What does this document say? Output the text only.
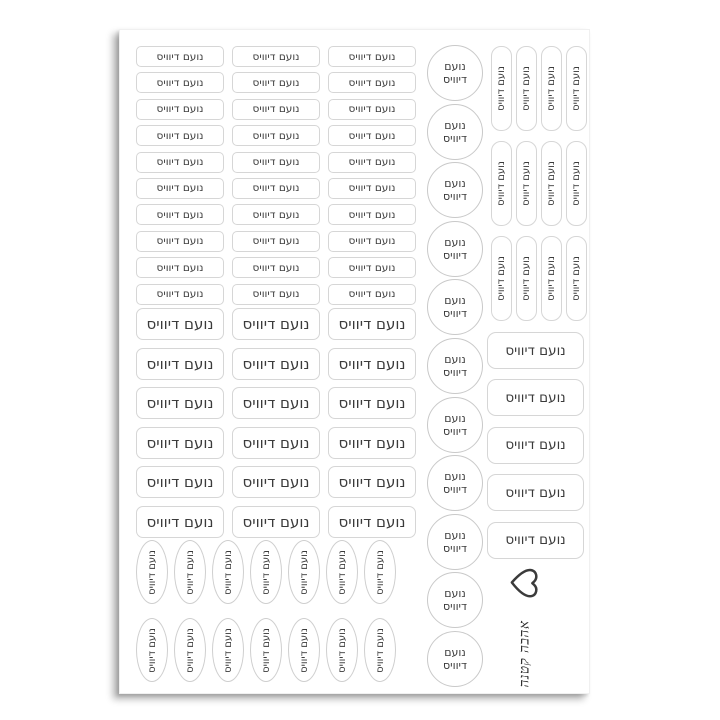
נועם דיוויס	נועם דיוויס	נועם דיוויס
נועם דיוויס	נועם דיוויס	נועם דיוויס
נועם דיוויס	נועם דיוויס	נועם דיוויס
נועם דיוויס	נועם דיוויס	נועם דיוויס
נועם דיוויס	נועם דיוויס	נועם דיוויס
נועם דיוויס	נועם דיוויס	נועם דיוויס
נועם דיוויס	נועם דיוויס	נועם דיוויס
נועם דיוויס	נועם דיוויס	נועם דיוויס
נועם דיוויס	נועם דיוויס	נועם דיוויס
נועם דיוויס	נועם דיוויס	נועם דיוויס
נועם דיוויס נועם דיוויס נועם דיוויס
נועם דיוויס נועם דיוויס נועם דיוויס
נועם דיוויס נועם דיוויס נועם דיוויס
נועם דיוויס נועם דיוויס נועם דיוויס
נועם דיוויס נועם דיוויס נועם דיוויס
נועם דיוויס נועם דיוויס נועם דיוויס
נועם דיוויס	נועם דיוויס	נועם דיוויס	נועם דיוויס	נועם דיוויס	נועם דיוויס	נועם דיוויס
נועם דיוויס	נועם דיוויס	נועם דיוויס	נועם דיוויס	נועם דיוויס	נועם דיוויס	נועם דיוויס
נועם
דיוויס
נועם
דיוויס
נועם
דיוויס
נועם
דיוויס
נועם
דיוויס
נועם
דיוויס
נועם
דיוויס
נועם
דיוויס
נועם
דיוויס
נועם
דיוויס
נועם
דיוויס
נועם דיוויס נועם דיוויס נועם דיוויס נועם דיוויס
נועם דיוויס נועם דיוויס נועם דיוויס נועם דיוויס
נועם דיוויס נועם דיוויס נועם דיוויס נועם דיוויס
נועם דיוויס
נועם דיוויס
נועם דיוויס
נועם דיוויס
נועם דיוויס
אהבה קטנה
